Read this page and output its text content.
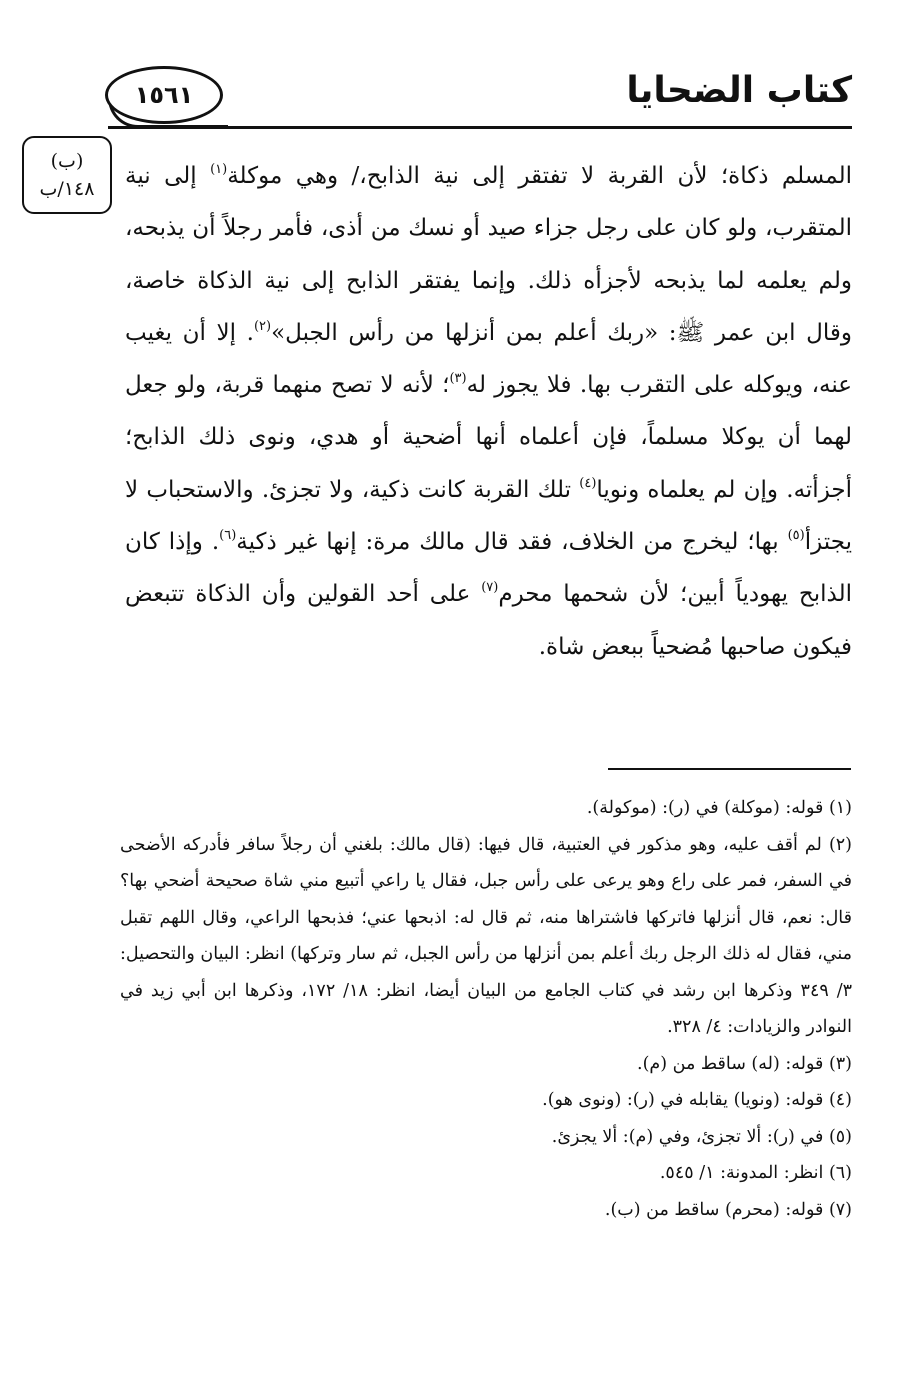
كتاب الضحايا
١٥٦١
(ب)
١٤٨/ب	المسلم ذكاة؛ لأن القربة لا تفتقر إلى نية الذابح،/ وهي موكلة$^{(١)}$ إلى نية المتقرب، ولو كان على رجل جزاء صيد أو نسك من أذى، فأمر رجلاً أن يذبحه، ولم يعلمه لما يذبحه لأجزأه ذلك. وإنما يفتقر الذابح إلى نية الذكاة خاصة، وقال ابن عمر ﷺ: «ربك أعلم بمن أنزلها من رأس الجبل»$^{(٢)}$. إلا أن يغيب عنه، ويوكله على التقرب بها. فلا يجوز له$^{(٣)}$؛ لأنه لا تصح منهما قربة، ولو جعل لهما أن يوكلا مسلماً، فإن أعلماه أنها أضحية أو هدي، ونوى ذلك الذابح؛ أجزأته. وإن لم يعلماه ونويا$^{(٤)}$ تلك القربة كانت ذكية، ولا تجزئ. والاستحباب لا يجتزأ$^{(٥)}$ بها؛ ليخرج من الخلاف، فقد قال مالك مرة: إنها غير ذكية$^{(٦)}$. وإذا كان الذابح يهودياً أبين؛ لأن شحمها محرم$^{(٧)}$ على أحد القولين وأن الذكاة تتبعض فيكون صاحبها مُضحياً ببعض شاة.

(١) قوله: (موكلة) في (ر): (موكولة).
(٢) لم أقف عليه، وهو مذكور في العتبية، قال فيها: (قال مالك: بلغني أن رجلاً سافر فأدركه الأضحى في السفر، فمر على راع وهو يرعى على رأس جبل، فقال يا راعي أتبيع مني شاة صحيحة أضحي بها؟ قال: نعم، قال أنزلها فاتركها فاشتراها منه، ثم قال له: اذبحها عني؛ فذبحها الراعي، وقال اللهم تقبل مني، فقال له ذلك الرجل ربك أعلم بمن أنزلها من رأس الجبل، ثم سار وتركها) انظر: البيان والتحصيل: ٣/ ٣٤٩ وذكرها ابن رشد في كتاب الجامع من البيان أيضا، انظر: ١٨/ ١٧٢، وذكرها ابن أبي زيد في النوادر والزيادات: ٤/ ٣٢٨.
(٣) قوله: (له) ساقط من (م).
(٤) قوله: (ونويا) يقابله في (ر): (ونوى هو).
(٥) في (ر): ألا تجزئ، وفي (م): ألا يجزئ.
(٦) انظر: المدونة: ١/ ٥٤٥.
(٧) قوله: (محرم) ساقط من (ب).
